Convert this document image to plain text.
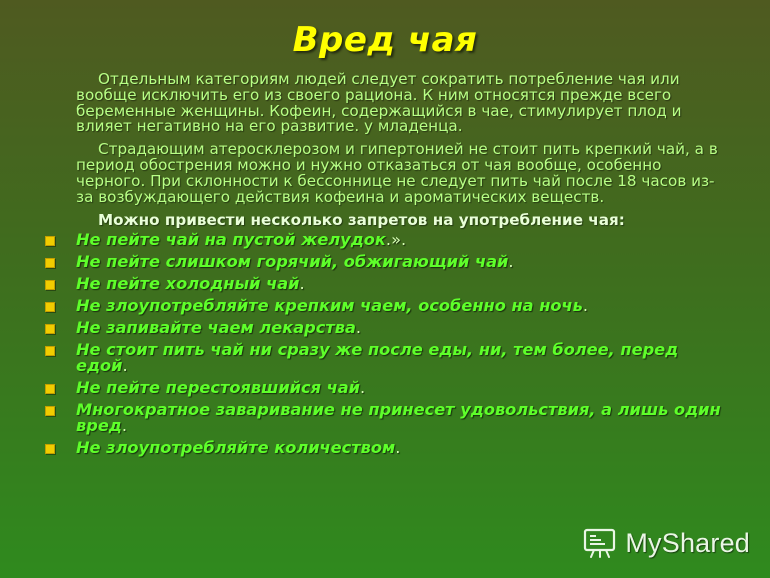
Вред чая

Отдельным категориям людей следует сократить потребление чая или вообще исключить его из своего рациона. К ним относятся прежде всего беременные женщины. Кофеин, содержащийся в чае, стимулирует плод и влияет негативно на его развитие. у младенца.

Страдающим атеросклерозом и гипертонией не стоит пить крепкий чай, а в период обострения можно и нужно отказаться от чая вообще, особенно черного. При склонности к бессоннице не следует пить чай после 18 часов из-за возбуждающего действия кофеина и ароматических веществ.

Можно привести несколько запретов на употребление чая:

Не пейте чай на пустой желудок.».
Не пейте слишком горячий, обжигающий чай.
Не пейте холодный чай.
Не злоупотребляйте крепким чаем, особенно на ночь.
Не запивайте чаем лекарства.
Не стоит пить чай ни сразу же после еды, ни, тем более, перед едой.
Не пейте перестоявшийся чай.
Многократное заваривание не принесет удовольствия, а лишь один вред.
Не злоупотребляйте количеством.
MyShared
